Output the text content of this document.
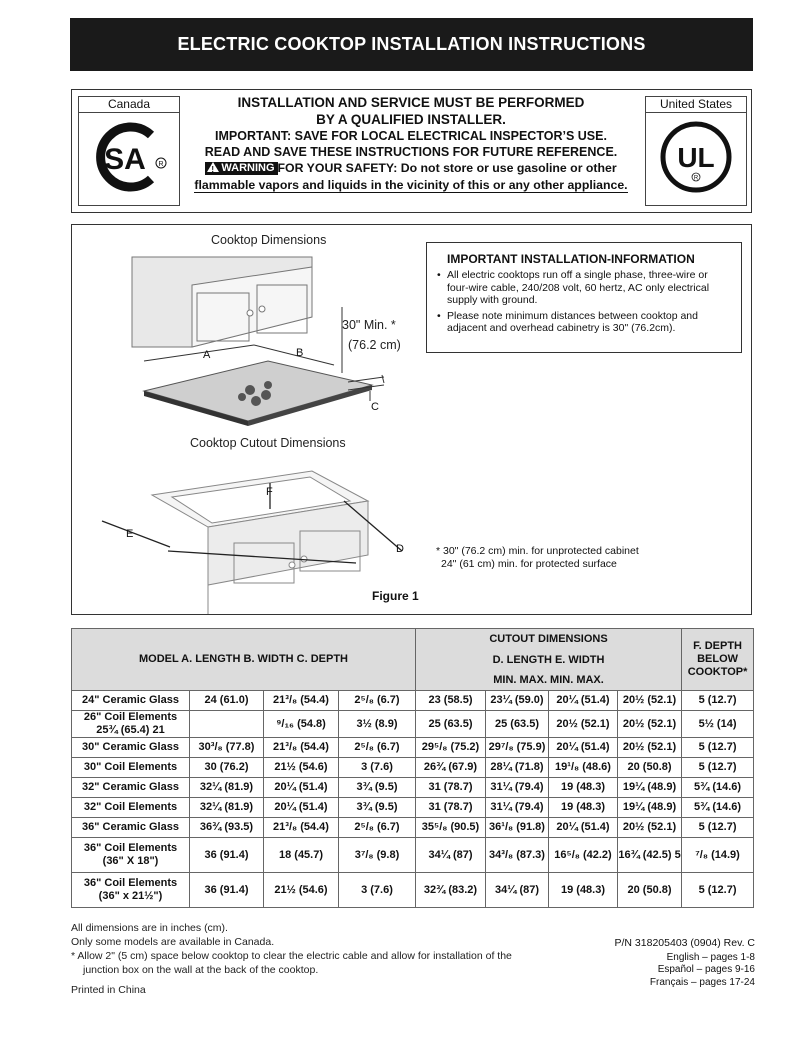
ELECTRIC COOKTOP INSTALLATION INSTRUCTIONS
Canada
SA R
INSTALLATION AND SERVICE MUST BE PERFORMED
BY A QUALIFIED INSTALLER.
IMPORTANT: SAVE FOR LOCAL ELECTRICAL INSPECTOR’S USE.
READ AND SAVE THESE INSTRUCTIONS FOR FUTURE REFERENCE.
!WARNING FOR YOUR SAFETY: Do not store or use gasoline or other
flammable vapors and liquids in the vicinity of this or any other appliance.
United States
UL
R
Cooktop Dimensions
30" Min. *
(76.2 cm)
A	B
C
Cooktop Cutout Dimensions
F
E
D
IMPORTANT INSTALLATION-INFORMATION
• All electric cooktops run off a single phase, three-wire or four-wire cable, 240/208 volt, 60 hertz, AC only electrical supply with ground.
• Please note minimum distances between cooktop and adjacent and overhead cabinetry is 30" (76.2cm).
* 30" (76.2 cm) min. for unprotected cabinet
24" (61 cm) min. for protected surface
Figure 1
MODEL A. LENGTH B. WIDTH C. DEPTH				CUTOUT DIMENSIONS				F. DEPTH
BELOW
COOKTOP*

				D. LENGTH E. WIDTH				
				MIN. MAX. MIN. MAX.				
24" Ceramic Glass	24 (61.0)	21³/₈ (54.4)	2⁵/₈ (6.7)	23 (58.5)	23¼ (59.0)	20¼ (51.4)	20½ (52.1)	5 (12.7)
26" Coil Elements 25¾ (65.4) 21		⁹/₁₆ (54.8)	3½ (8.9)	25 (63.5)	25 (63.5)	20½ (52.1)	20½ (52.1)	5½ (14)
30" Ceramic Glass	30³/₈ (77.8)	21³/₈ (54.4)	2⁵/₈ (6.7)	29⁵/₈ (75.2)	29⁷/₈ (75.9)	20¼ (51.4)	20½ (52.1)	5 (12.7)
30" Coil Elements	30 (76.2)	21½ (54.6)	3 (7.6)	26¾ (67.9)	28¼ (71.8)	19¹/₈ (48.6)	20 (50.8)	5 (12.7)
32" Ceramic Glass	32¼ (81.9)	20¼ (51.4)	3¾ (9.5)	31 (78.7)	31¼ (79.4)	19 (48.3)	19¼ (48.9)	5¾ (14.6)
32" Coil Elements	32¼ (81.9)	20¼ (51.4)	3¾ (9.5)	31 (78.7)	31¼ (79.4)	19 (48.3)	19¼ (48.9)	5¾ (14.6)
36" Ceramic Glass	36¾ (93.5)	21³/₈ (54.4)	2⁵/₈ (6.7)	35⁵/₈ (90.5)	36¹/₈ (91.8)	20¼ (51.4)	20½ (52.1)	5 (12.7)
36" Coil Elements (36" X 18")	36 (91.4)	18 (45.7)	3⁷/₈ (9.8)	34¼ (87)	34³/₈ (87.3)	16⁵/₈ (42.2)	16¾ (42.5) 5	⁷/₈ (14.9)
36" Coil Elements (36" x 21½")	36 (91.4)	21½ (54.6)	3 (7.6)	32¾ (83.2)	34¼ (87)	19 (48.3)	20 (50.8)	5 (12.7)
All dimensions are in inches (cm).
Only some models are available in Canada.
* Allow 2" (5 cm) space below cooktop to clear the electric cable and allow for installation of the
junction box on the wall at the back of the cooktop.
Printed in China
P/N 318205403 (0904) Rev. C
English – pages 1-8
Español – pages 9-16
Français – pages 17-24
